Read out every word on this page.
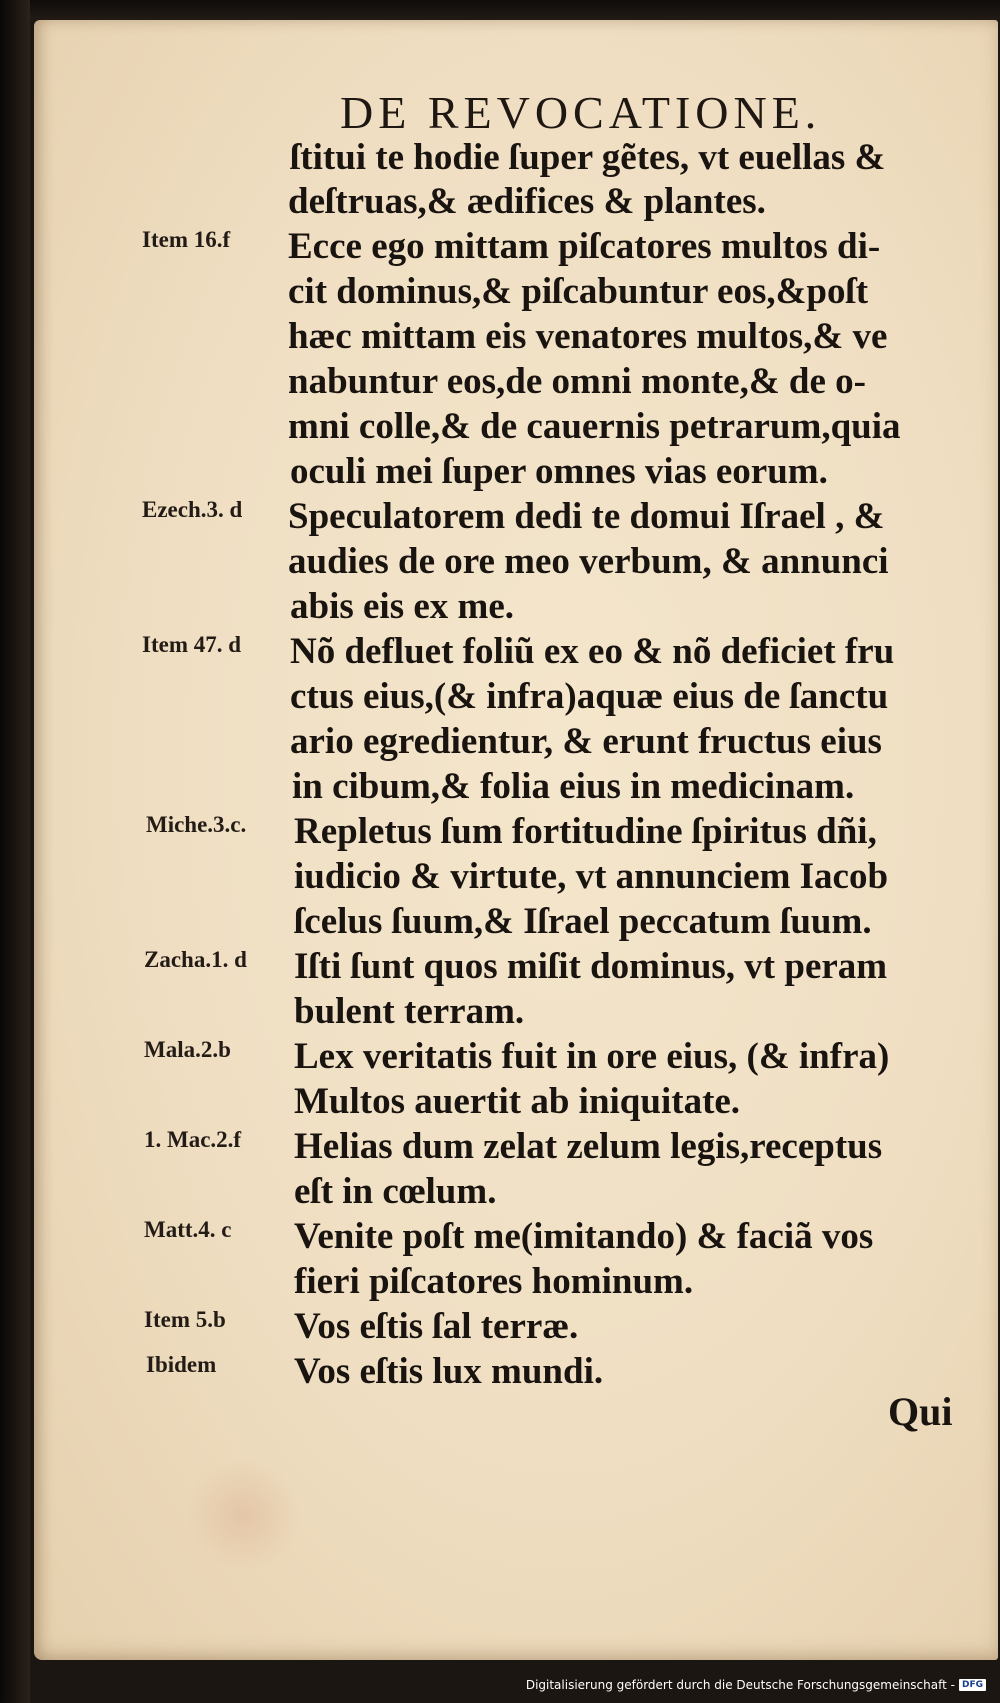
DE REVOCATIONE.
ſtitui te hodie ſuper gẽtes, vt euellas &
deſtruas,& ædifices & plantes.
Ecce ego mittam piſcatores multos di-
cit dominus,& piſcabuntur eos,&poſt
hæc mittam eis venatores multos,& ve
nabuntur eos,de omni monte,& de o-
mni colle,& de cauernis petrarum,quia
oculi mei ſuper omnes vias eorum.
Speculatorem dedi te domui Iſrael , &
audies de ore meo verbum, & annunci
abis eis ex me.
Nõ defluet foliũ ex eo & nõ deficiet fru
ctus eius,(& infra)aquæ eius de ſanctu
ario egredientur, & erunt fructus eius
in cibum,& folia eius in medicinam.
Repletus ſum fortitudine ſpiritus dñi,
iudicio & virtute, vt annunciem Iacob
ſcelus ſuum,& Iſrael peccatum ſuum.
Iſti ſunt quos miſit dominus, vt peram
bulent terram.
Lex veritatis fuit in ore eius, (& infra)
Multos auertit ab iniquitate.
Helias dum zelat zelum legis,receptus
eſt in cœlum.
Venite poſt me(imitando) & faciã vos
fieri piſcatores hominum.
Vos eſtis ſal terræ.
Vos eſtis lux mundi.
Item 16.f
Ezech.3. d
Item 47. d
Miche.3.c.
Zacha.1. d
Mala.2.b
1. Mac.2.f
Matt.4. c
Item 5.b
Ibidem
Qui
Digitalisierung gefördert durch die Deutsche Forschungsgemeinschaft - DFG
